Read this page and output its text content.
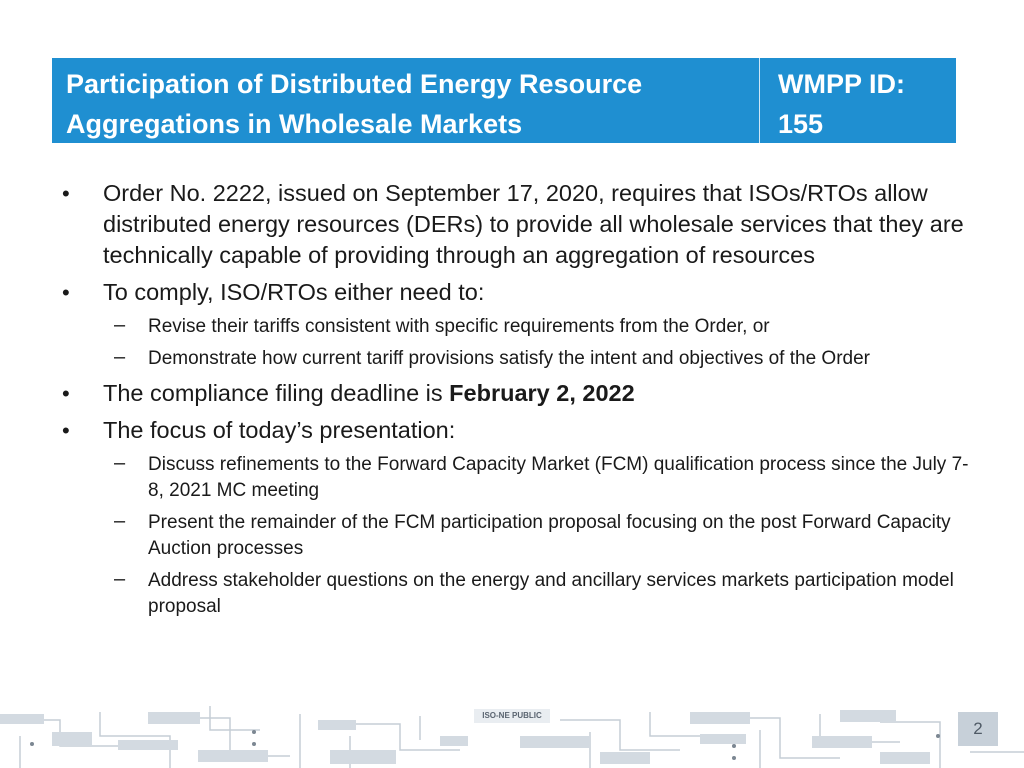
Participation of Distributed Energy Resource Aggregations in Wholesale Markets
WMPP ID:
155
• Order No. 2222, issued on September 17, 2020, requires that ISOs/RTOs allow distributed energy resources (DERs) to provide all wholesale services that they are technically capable of providing through an aggregation of resources
• To comply, ISO/RTOs either need to:
– Revise their tariffs consistent with specific requirements from the Order, or
– Demonstrate how current tariff provisions satisfy the intent and objectives of the Order
• The compliance filing deadline is February 2, 2022
• The focus of today’s presentation:
– Discuss refinements to the Forward Capacity Market (FCM) qualification process since the July 7-8, 2021 MC meeting
– Present the remainder of the FCM participation proposal focusing on the post Forward Capacity Auction processes
– Address stakeholder questions on the energy and ancillary services markets participation model proposal
ISO-NE PUBLIC
2
